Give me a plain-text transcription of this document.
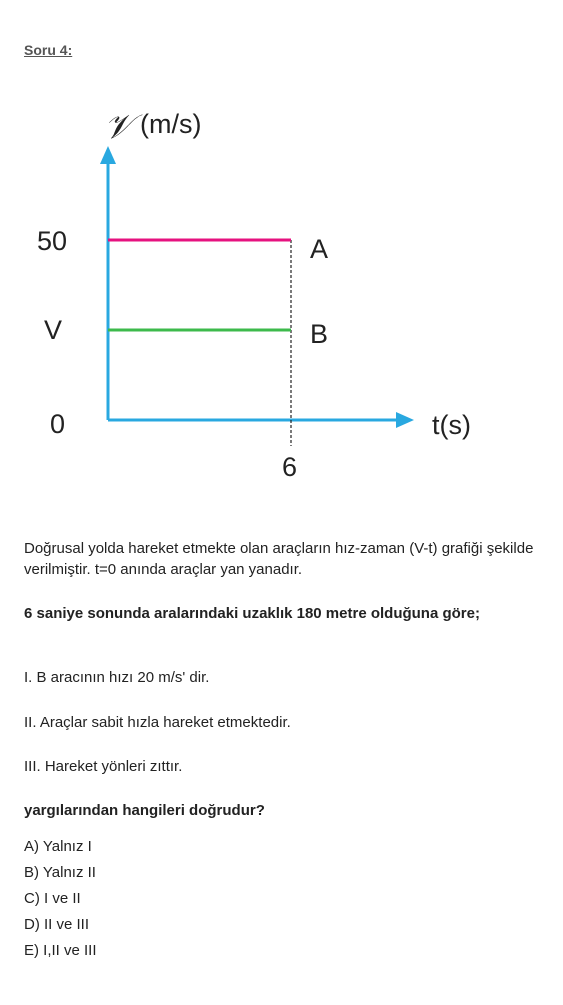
Soru 4:
𝒱 (m/s)
50
V
0	t(s)
6
A
B
Doğrusal yolda hareket etmekte olan araçların hız-zaman (V-t) grafiği şekilde verilmiştir. t=0 anında araçlar yan yanadır.
6 saniye sonunda aralarındaki uzaklık 180 metre olduğuna göre;
I. B aracının hızı 20 m/s' dir.
II. Araçlar sabit hızla hareket etmektedir.
III. Hareket yönleri zıttır.
yargılarından hangileri doğrudur?
A) Yalnız I
B) Yalnız II
C) I ve II
D) II ve III
E) I,II ve III
